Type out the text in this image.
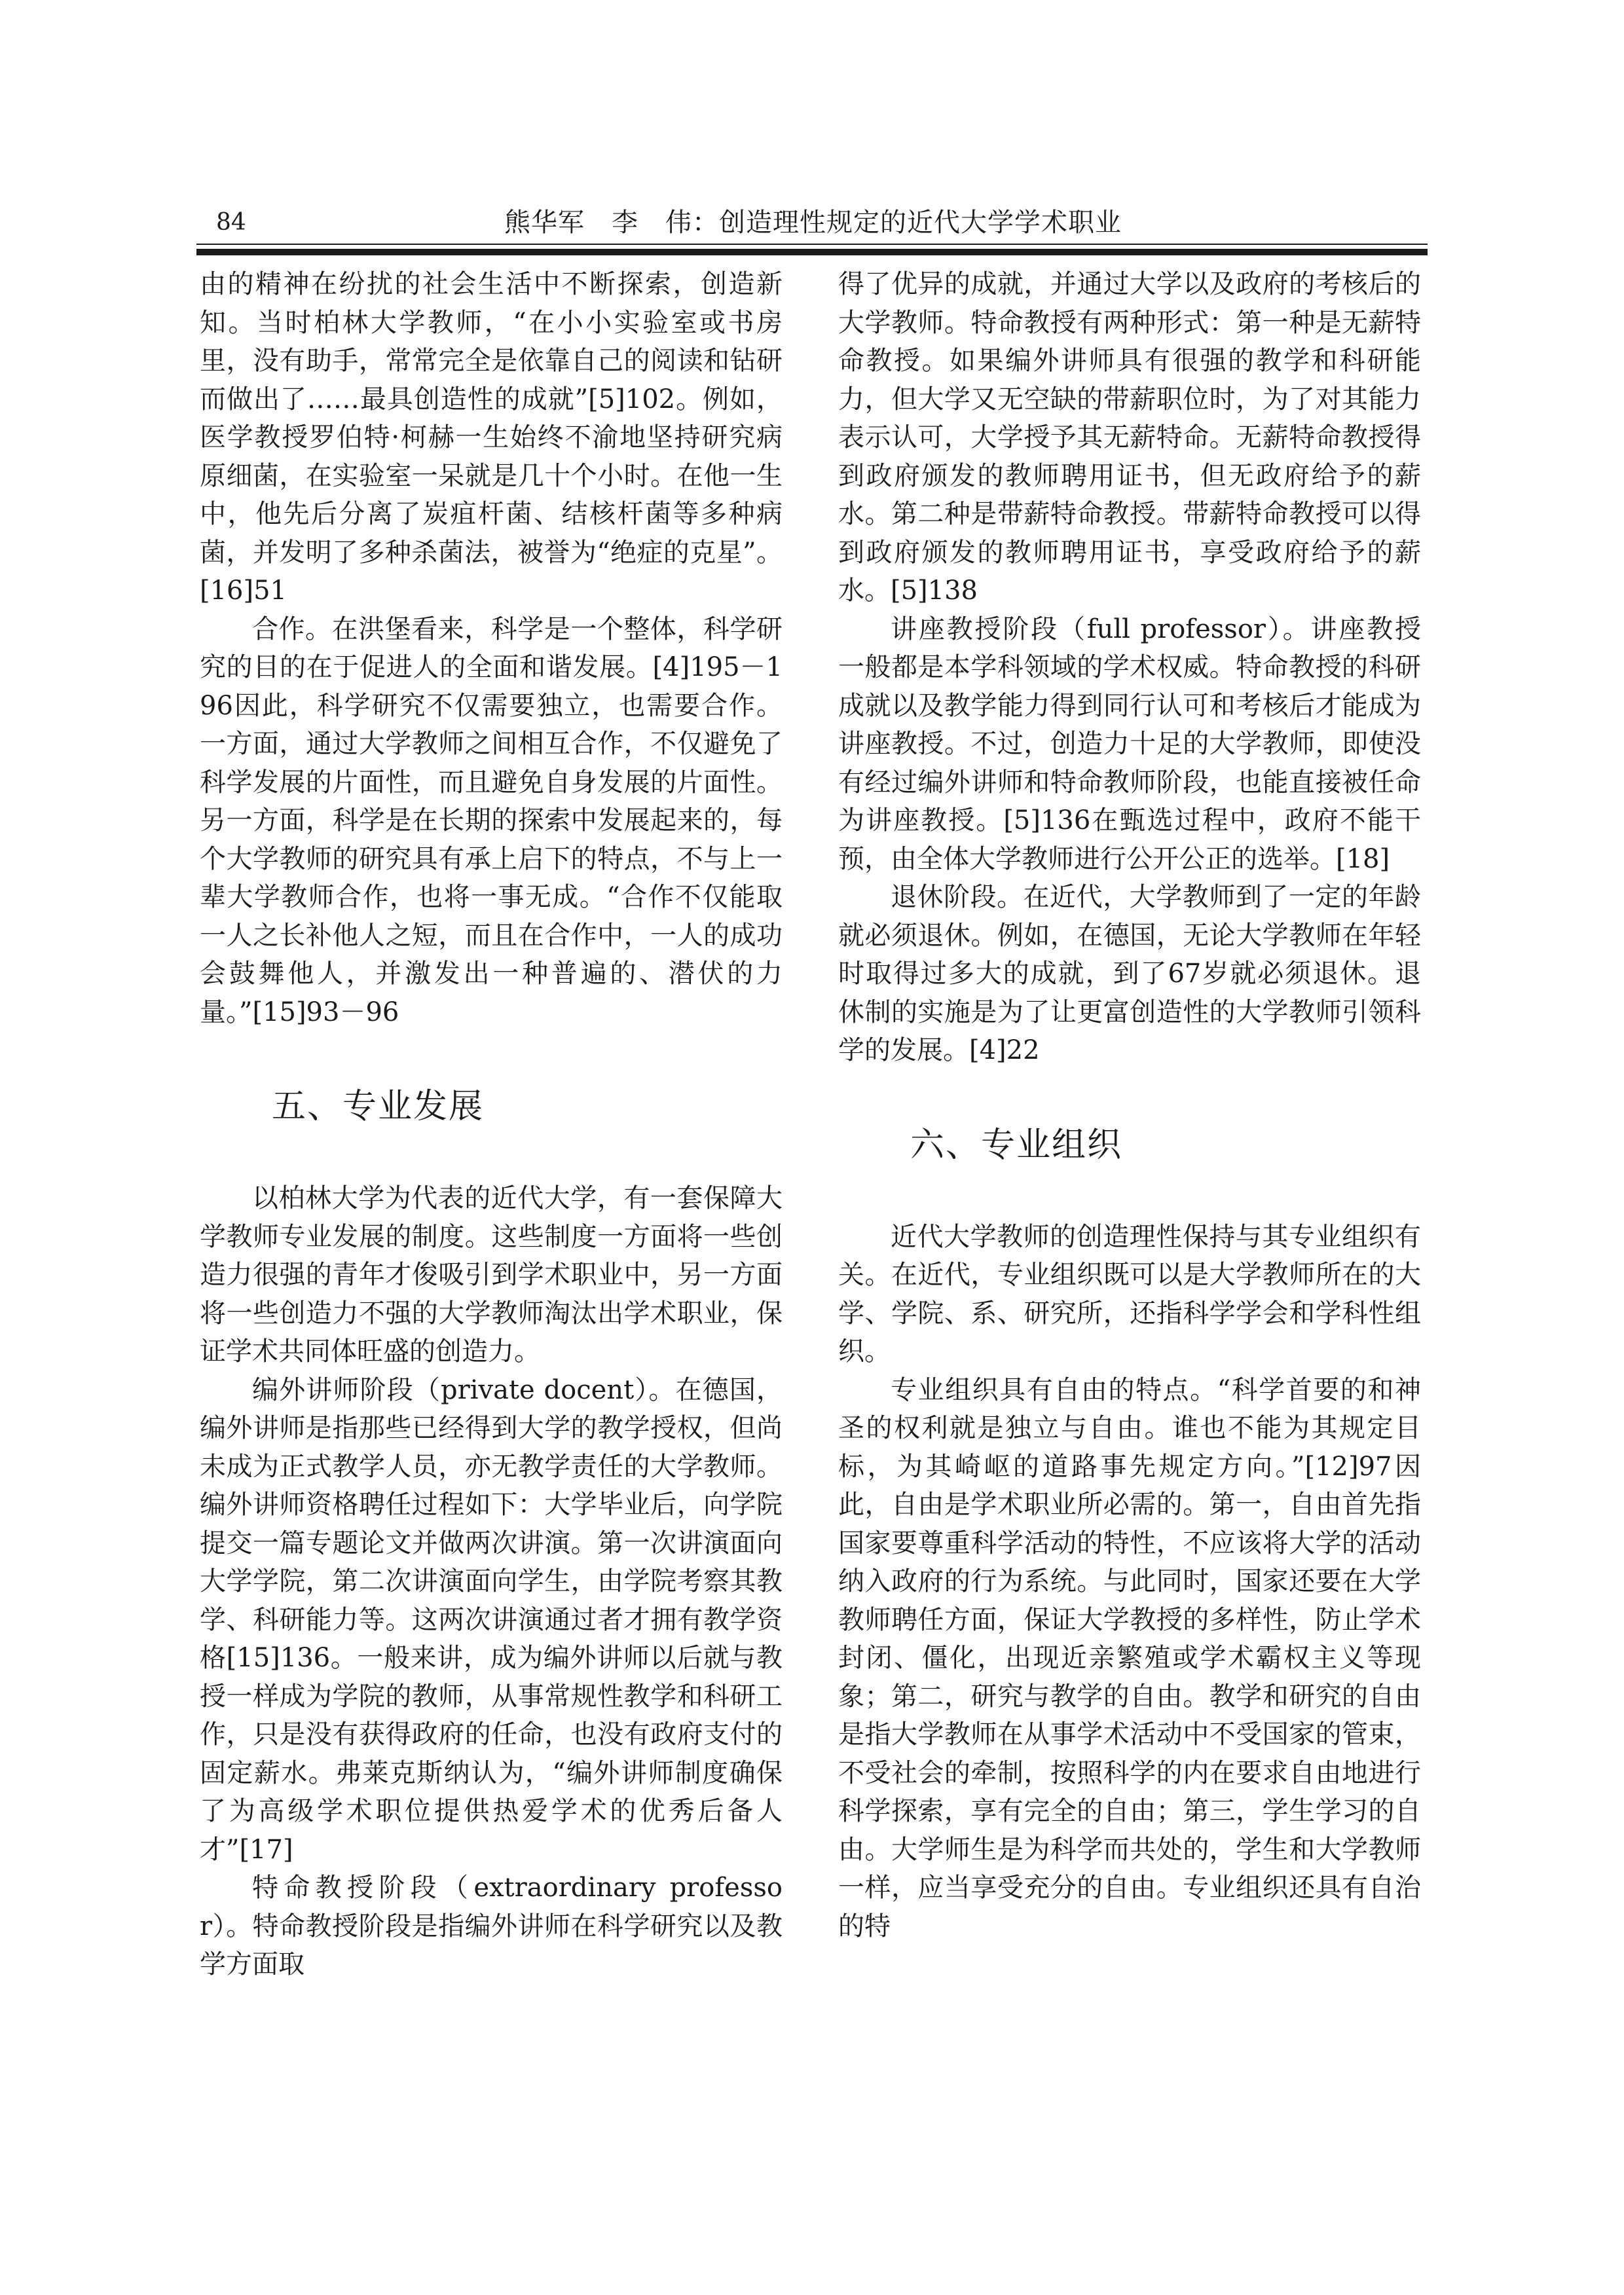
84	熊华军　李　伟：创造理性规定的近代大学学术职业

由的精神在纷扰的社会生活中不断探索，创造新知。当时柏林大学教师，“在小小实验室或书房里，没有助手，常常完全是依靠自己的阅读和钻研而做出了……最具创造性的成就”[5]102。例如，医学教授罗伯特·柯赫一生始终不渝地坚持研究病原细菌，在实验室一呆就是几十个小时。在他一生中，他先后分离了炭疽杆菌、结核杆菌等多种病菌，并发明了多种杀菌法，被誉为“绝症的克星”。[16]51

合作。在洪堡看来，科学是一个整体，科学研究的目的在于促进人的全面和谐发展。[4]195－196因此，科学研究不仅需要独立，也需要合作。一方面，通过大学教师之间相互合作，不仅避免了科学发展的片面性，而且避免自身发展的片面性。另一方面，科学是在长期的探索中发展起来的，每个大学教师的研究具有承上启下的特点，不与上一辈大学教师合作，也将一事无成。“合作不仅能取一人之长补他人之短，而且在合作中，一人的成功会鼓舞他人，并激发出一种普遍的、潜伏的力量。”[15]93－96

五、专业发展

以柏林大学为代表的近代大学，有一套保障大学教师专业发展的制度。这些制度一方面将一些创造力很强的青年才俊吸引到学术职业中，另一方面将一些创造力不强的大学教师淘汰出学术职业，保证学术共同体旺盛的创造力。

编外讲师阶段（private docent）。在德国，编外讲师是指那些已经得到大学的教学授权，但尚未成为正式教学人员，亦无教学责任的大学教师。编外讲师资格聘任过程如下：大学毕业后，向学院提交一篇专题论文并做两次讲演。第一次讲演面向大学学院，第二次讲演面向学生，由学院考察其教学、科研能力等。这两次讲演通过者才拥有教学资格[15]136。一般来讲，成为编外讲师以后就与教授一样成为学院的教师，从事常规性教学和科研工作，只是没有获得政府的任命，也没有政府支付的固定薪水。弗莱克斯纳认为，“编外讲师制度确保了为高级学术职位提供热爱学术的优秀后备人才”[17]

特命教授阶段（extraordinary professor）。特命教授阶段是指编外讲师在科学研究以及教学方面取

得了优异的成就，并通过大学以及政府的考核后的大学教师。特命教授有两种形式：第一种是无薪特命教授。如果编外讲师具有很强的教学和科研能力，但大学又无空缺的带薪职位时，为了对其能力表示认可，大学授予其无薪特命。无薪特命教授得到政府颁发的教师聘用证书，但无政府给予的薪水。第二种是带薪特命教授。带薪特命教授可以得到政府颁发的教师聘用证书，享受政府给予的薪水。[5]138

讲座教授阶段（full professor）。讲座教授一般都是本学科领域的学术权威。特命教授的科研成就以及教学能力得到同行认可和考核后才能成为讲座教授。不过，创造力十足的大学教师，即使没有经过编外讲师和特命教师阶段，也能直接被任命为讲座教授。[5]136在甄选过程中，政府不能干预，由全体大学教师进行公开公正的选举。[18]

退休阶段。在近代，大学教师到了一定的年龄就必须退休。例如，在德国，无论大学教师在年轻时取得过多大的成就，到了67岁就必须退休。退休制的实施是为了让更富创造性的大学教师引领科学的发展。[4]22

六、专业组织

近代大学教师的创造理性保持与其专业组织有关。在近代，专业组织既可以是大学教师所在的大学、学院、系、研究所，还指科学学会和学科性组织。

专业组织具有自由的特点。“科学首要的和神圣的权利就是独立与自由。谁也不能为其规定目标，为其崎岖的道路事先规定方向。”[12]97因此，自由是学术职业所必需的。第一，自由首先指国家要尊重科学活动的特性，不应该将大学的活动纳入政府的行为系统。与此同时，国家还要在大学教师聘任方面，保证大学教授的多样性，防止学术封闭、僵化，出现近亲繁殖或学术霸权主义等现象；第二，研究与教学的自由。教学和研究的自由是指大学教师在从事学术活动中不受国家的管束，不受社会的牵制，按照科学的内在要求自由地进行科学探索，享有完全的自由；第三，学生学习的自由。大学师生是为科学而共处的，学生和大学教师一样，应当享受充分的自由。专业组织还具有自治的特
